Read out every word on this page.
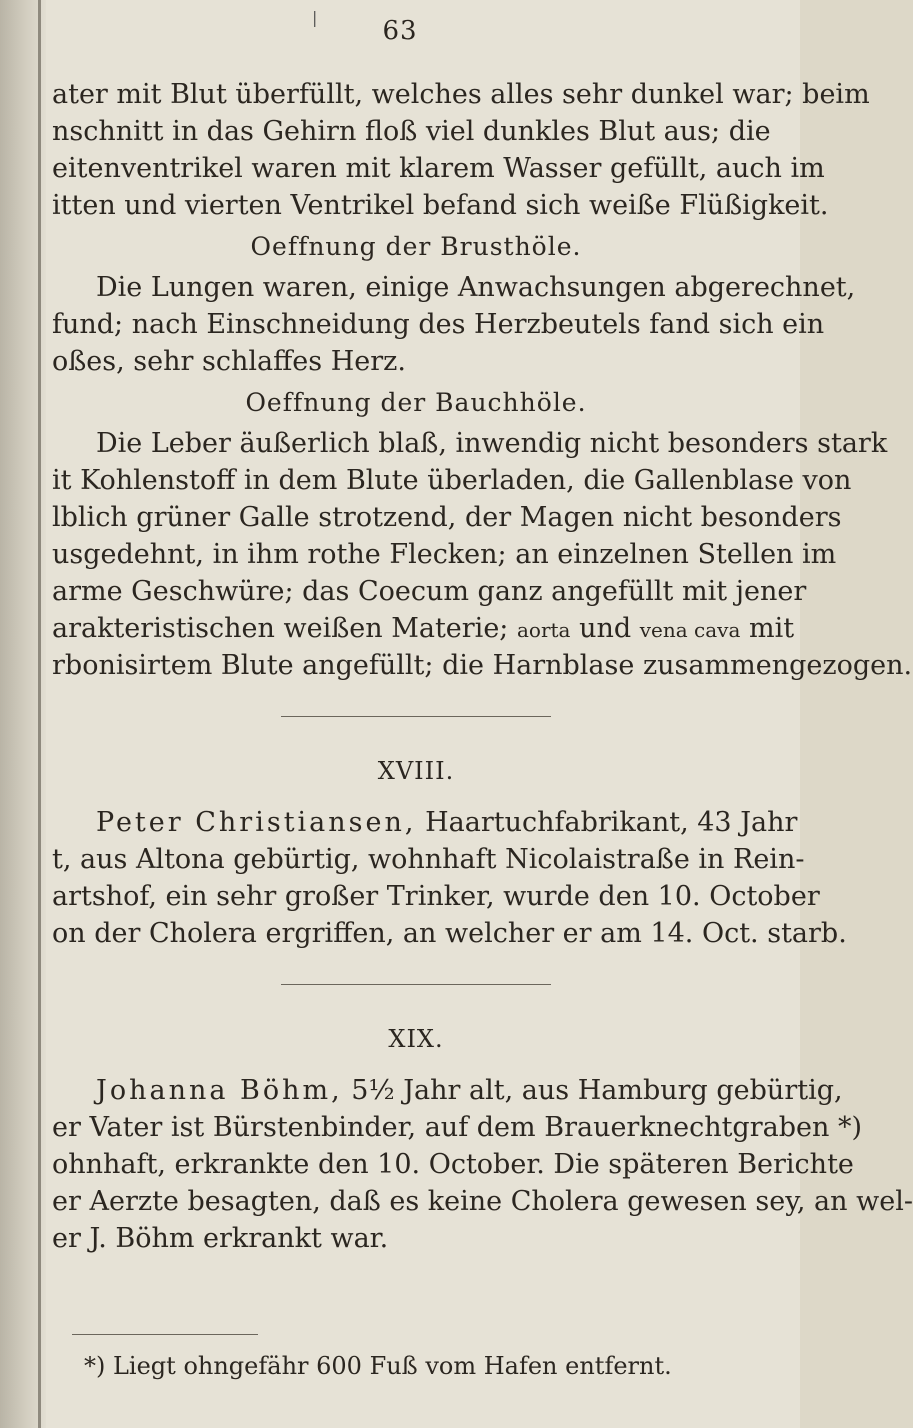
|	63
ater mit Blut überfüllt, welches alles sehr dunkel war; beim
nschnitt in das Gehirn floß viel dunkles Blut aus; die
eitenventrikel waren mit klarem Wasser gefüllt, auch im
itten und vierten Ventrikel befand sich weiße Flüßigkeit.
Oeffnung der Brusthöle.
Die Lungen waren, einige Anwachsungen abgerechnet,
fund; nach Einschneidung des Herzbeutels fand sich ein
oßes, sehr schlaffes Herz.
Oeffnung der Bauchhöle.
Die Leber äußerlich blaß, inwendig nicht besonders stark
it Kohlenstoff in dem Blute überladen, die Gallenblase von
lblich grüner Galle strotzend, der Magen nicht besonders
usgedehnt, in ihm rothe Flecken; an einzelnen Stellen im
arme Geschwüre; das Coecum ganz angefüllt mit jener
arakteristischen weißen Materie; aorta und vena cava mit
rbonisirtem Blute angefüllt; die Harnblase zusammengezogen.
XVIII.
Peter Christiansen, Haartuchfabrikant, 43 Jahr
t, aus Altona gebürtig, wohnhaft Nicolaistraße in Rein-
artshof, ein sehr großer Trinker, wurde den 10. October
on der Cholera ergriffen, an welcher er am 14. Oct. starb.
XIX.
Johanna Böhm, 5½ Jahr alt, aus Hamburg gebürtig,
er Vater ist Bürstenbinder, auf dem Brauerknechtgraben *)
ohnhaft, erkrankte den 10. October. Die späteren Berichte
er Aerzte besagten, daß es keine Cholera gewesen sey, an wel-
er J. Böhm erkrankt war.
*) Liegt ohngefähr 600 Fuß vom Hafen entfernt.
